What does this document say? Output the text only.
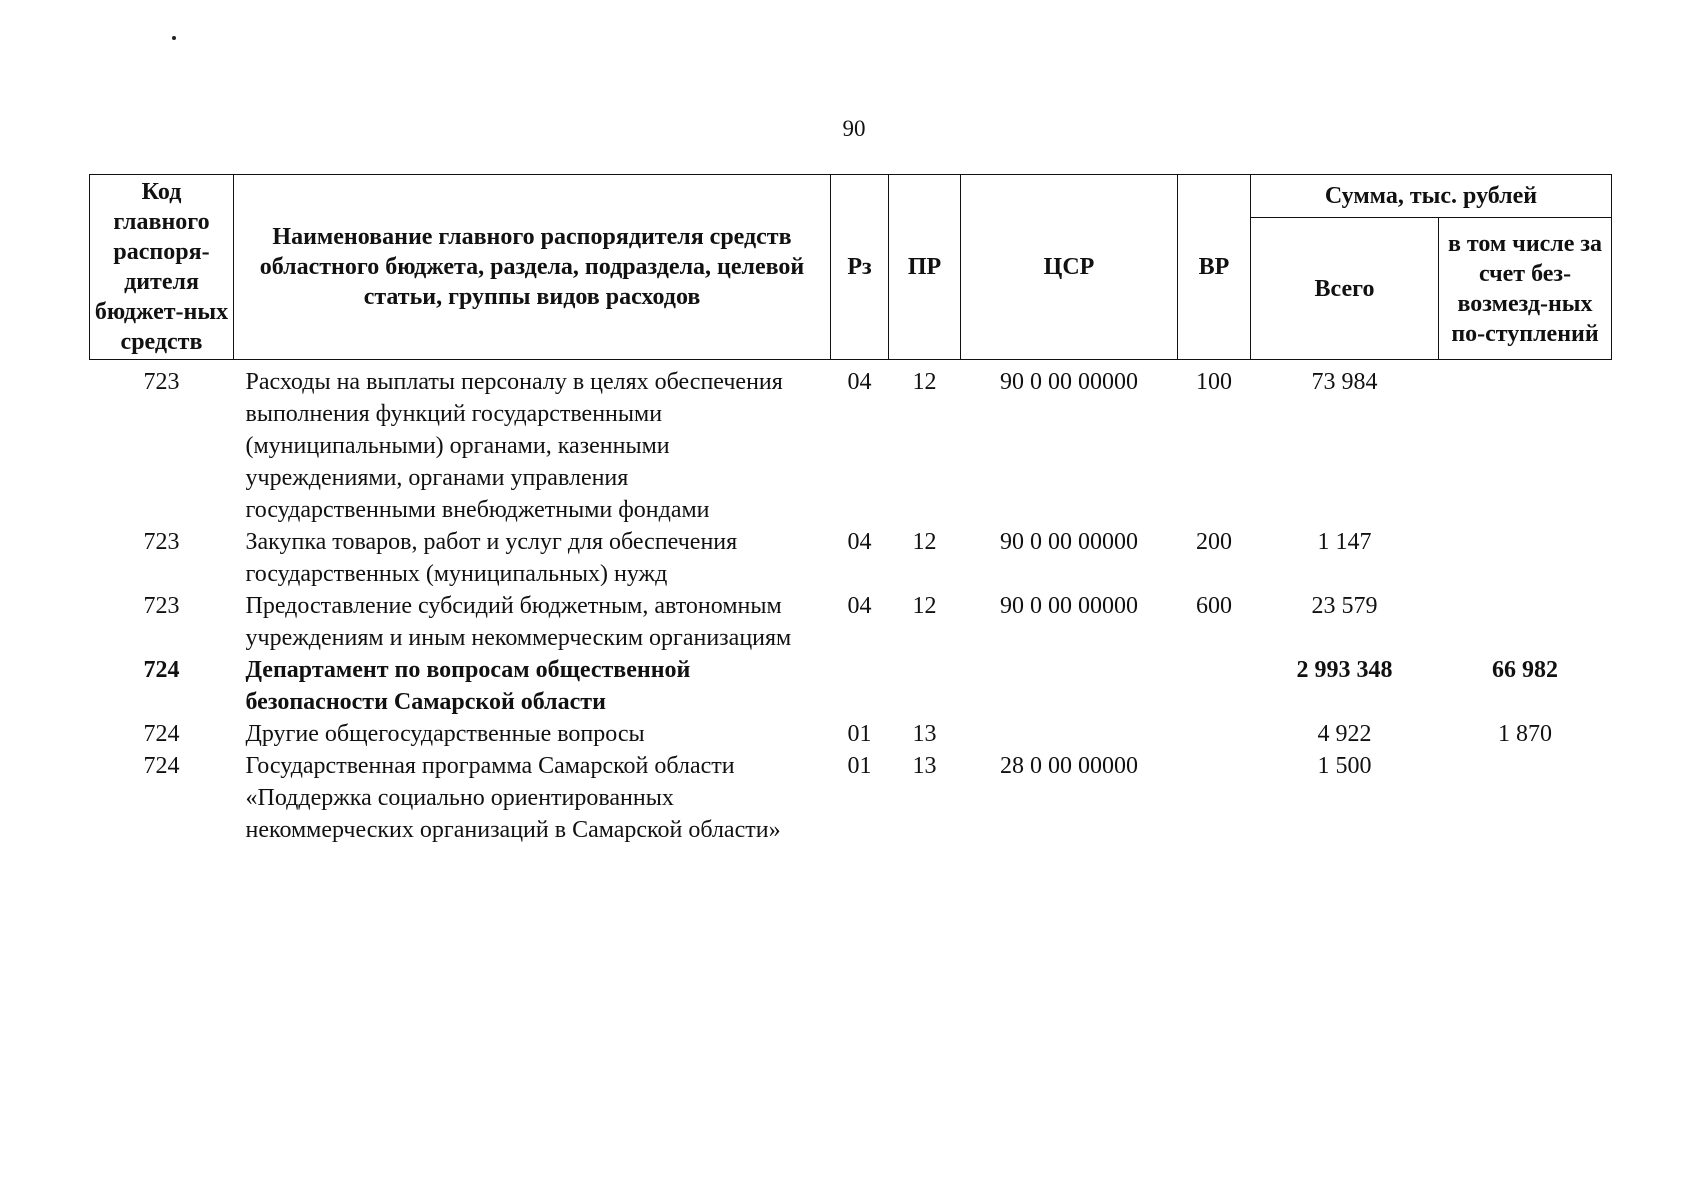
90
Код главного распоря-дителя бюджет-ных средств	Наименование главного распорядителя средств областного бюджета, раздела, подраздела, целевой статьи, группы видов расходов	Рз	ПР	ЦСР	ВР	Сумма, тыс. рублей	
						Всего	в том числе за счет без-возмезд-ных по-ступлений
723	Расходы на выплаты персоналу в целях обеспечения выполнения функций государственными (муниципальными) органами, казенными учреждениями, органами управления государственными внебюджетными фондами	04	12	90 0 00 00000	100	73 984	
723	Закупка товаров, работ и услуг для обеспечения государственных (муниципальных) нужд	04	12	90 0 00 00000	200	1 147	
723	Предоставление субсидий бюджетным, автономным учреждениям и иным некоммерческим организациям	04	12	90 0 00 00000	600	23 579	
724	Департамент по вопросам общественной безопасности Самарской области					2 993 348	66 982
724	Другие общегосударственные вопросы	01	13			4 922	1 870
724	Государственная программа Самарской области «Поддержка социально ориентированных некоммерческих организаций в Самарской области»	01	13	28 0 00 00000		1 500	
